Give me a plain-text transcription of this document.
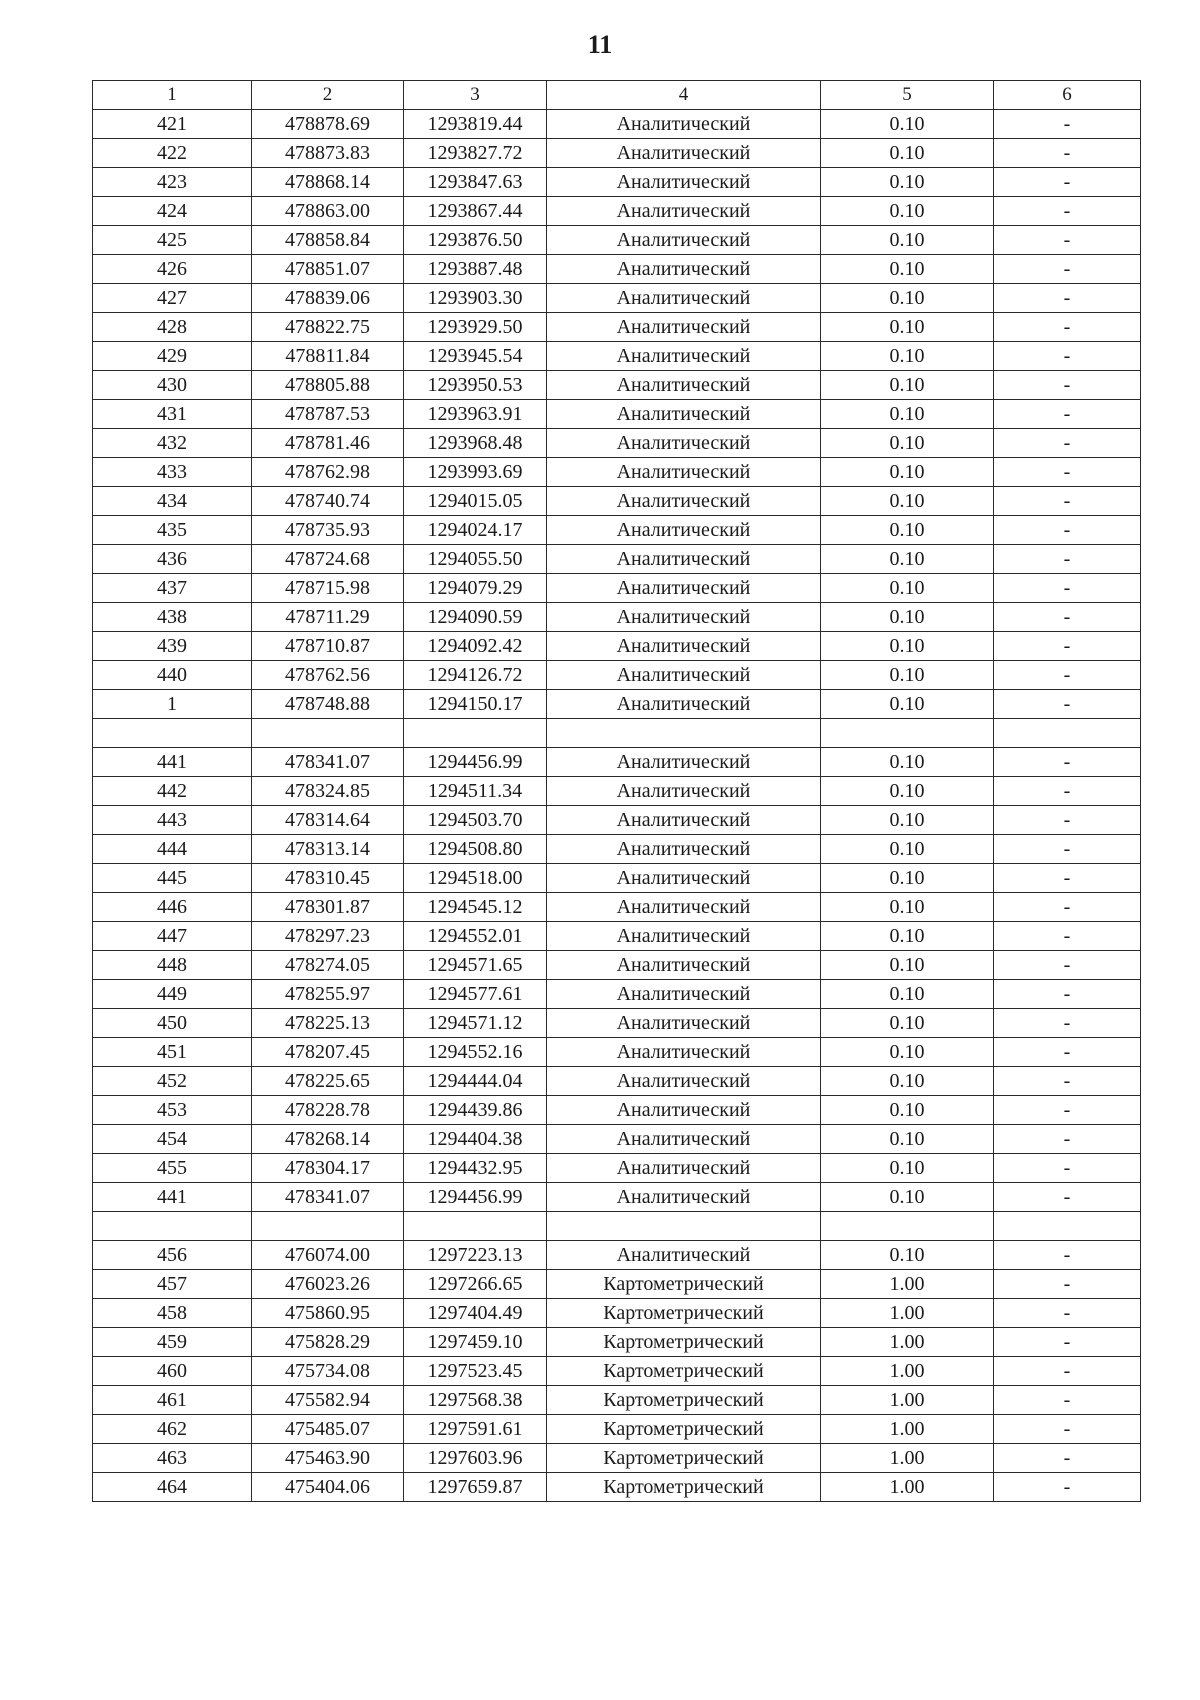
11
1	2	3	4	5	6
421	478878.69	1293819.44	Аналитический	0.10	-
422	478873.83	1293827.72	Аналитический	0.10	-
423	478868.14	1293847.63	Аналитический	0.10	-
424	478863.00	1293867.44	Аналитический	0.10	-
425	478858.84	1293876.50	Аналитический	0.10	-
426	478851.07	1293887.48	Аналитический	0.10	-
427	478839.06	1293903.30	Аналитический	0.10	-
428	478822.75	1293929.50	Аналитический	0.10	-
429	478811.84	1293945.54	Аналитический	0.10	-
430	478805.88	1293950.53	Аналитический	0.10	-
431	478787.53	1293963.91	Аналитический	0.10	-
432	478781.46	1293968.48	Аналитический	0.10	-
433	478762.98	1293993.69	Аналитический	0.10	-
434	478740.74	1294015.05	Аналитический	0.10	-
435	478735.93	1294024.17	Аналитический	0.10	-
436	478724.68	1294055.50	Аналитический	0.10	-
437	478715.98	1294079.29	Аналитический	0.10	-
438	478711.29	1294090.59	Аналитический	0.10	-
439	478710.87	1294092.42	Аналитический	0.10	-
440	478762.56	1294126.72	Аналитический	0.10	-
1	478748.88	1294150.17	Аналитический	0.10	-

441	478341.07	1294456.99	Аналитический	0.10	-
442	478324.85	1294511.34	Аналитический	0.10	-
443	478314.64	1294503.70	Аналитический	0.10	-
444	478313.14	1294508.80	Аналитический	0.10	-
445	478310.45	1294518.00	Аналитический	0.10	-
446	478301.87	1294545.12	Аналитический	0.10	-
447	478297.23	1294552.01	Аналитический	0.10	-
448	478274.05	1294571.65	Аналитический	0.10	-
449	478255.97	1294577.61	Аналитический	0.10	-
450	478225.13	1294571.12	Аналитический	0.10	-
451	478207.45	1294552.16	Аналитический	0.10	-
452	478225.65	1294444.04	Аналитический	0.10	-
453	478228.78	1294439.86	Аналитический	0.10	-
454	478268.14	1294404.38	Аналитический	0.10	-
455	478304.17	1294432.95	Аналитический	0.10	-
441	478341.07	1294456.99	Аналитический	0.10	-

456	476074.00	1297223.13	Аналитический	0.10	-
457	476023.26	1297266.65	Картометрический	1.00	-
458	475860.95	1297404.49	Картометрический	1.00	-
459	475828.29	1297459.10	Картометрический	1.00	-
460	475734.08	1297523.45	Картометрический	1.00	-
461	475582.94	1297568.38	Картометрический	1.00	-
462	475485.07	1297591.61	Картометрический	1.00	-
463	475463.90	1297603.96	Картометрический	1.00	-
464	475404.06	1297659.87	Картометрический	1.00	-
